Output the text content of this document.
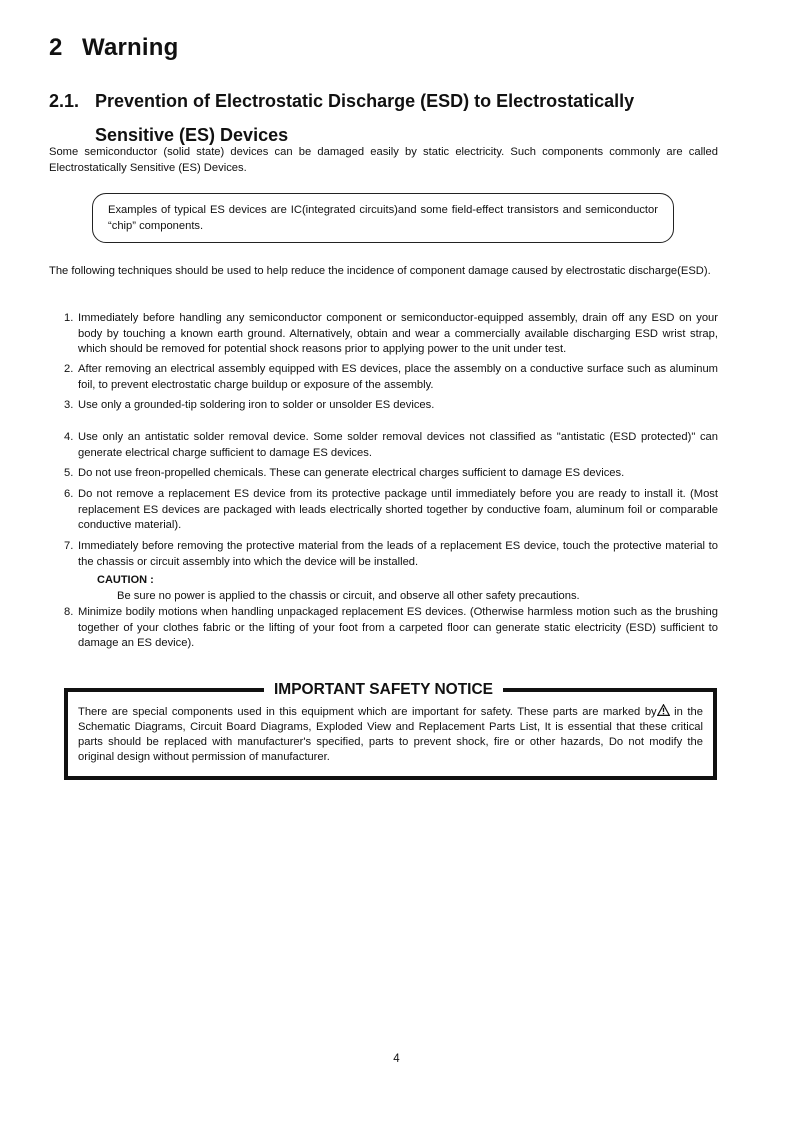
2 Warning
2.1. Prevention of Electrostatic Discharge (ESD) to Electrostatically
Sensitive (ES) Devices
Some semiconductor (solid state) devices can be damaged easily by static electricity. Such components commonly are called Electrostatically Sensitive (ES) Devices.
Examples of typical ES devices are IC(integrated circuits)and some field-effect transistors and semiconductor “chip” components.
The following techniques should be used to help reduce the incidence of component damage caused by electrostatic discharge(ESD).
1. Immediately before handling any semiconductor component or semiconductor-equipped assembly, drain off any ESD on your body by touching a known earth ground. Alternatively, obtain and wear a commercially available discharging ESD wrist strap, which should be removed for potential shock reasons prior to applying power to the unit under test.
2. After removing an electrical assembly equipped with ES devices, place the assembly on a conductive surface such as aluminum foil, to prevent electrostatic charge buildup or exposure of the assembly.
3. Use only a grounded-tip soldering iron to solder or unsolder ES devices.
4. Use only an antistatic solder removal device. Some solder removal devices not classified as "antistatic (ESD protected)" can generate electrical charge sufficient to damage ES devices.
5. Do not use freon-propelled chemicals. These can generate electrical charges sufficient to damage ES devices.
6. Do not remove a replacement ES device from its protective package until immediately before you are ready to install it. (Most replacement ES devices are packaged with leads electrically shorted together by conductive foam, aluminum foil or comparable conductive material).
7. Immediately before removing the protective material from the leads of a replacement ES device, touch the protective material to the chassis or circuit assembly into which the device will be installed.
8. Minimize bodily motions when handling unpackaged replacement ES devices. (Otherwise harmless motion such as the brushing together of your clothes fabric or the lifting of your foot from a carpeted floor can generate static electricity (ESD) sufficient to damage an ES device).
CAUTION :
Be sure no power is applied to the chassis or circuit, and observe all other safety precautions.
IMPORTANT SAFETY NOTICE
There are special components used in this equipment which are important for safety. These parts are marked by in the Schematic Diagrams, Circuit Board Diagrams, Exploded View and Replacement Parts List, It is essential that these critical parts should be replaced with manufacturer's specified, parts to prevent shock, fire or other hazards, Do not modify the original design without permission of manufacturer.
4
